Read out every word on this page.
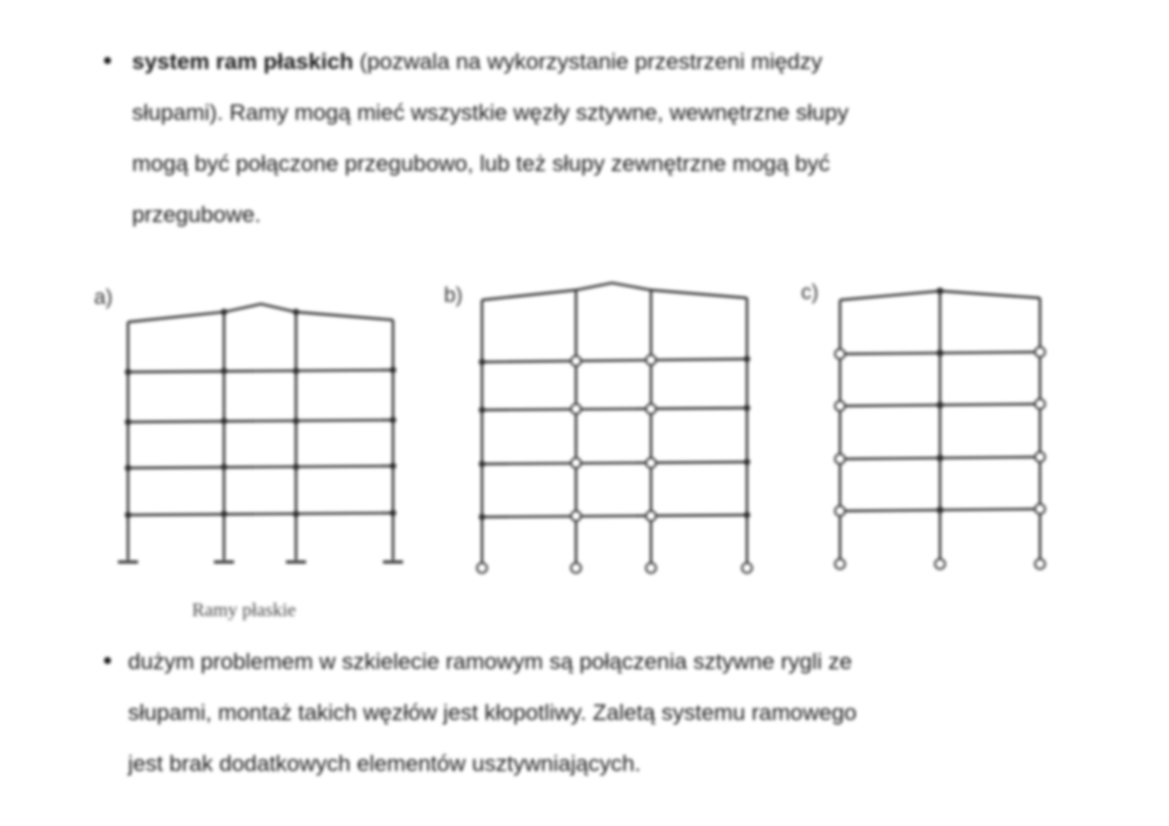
system ram płaskich (pozwala na wykorzystanie przestrzeni między
słupami). Ramy mogą mieć wszystkie węzły sztywne, wewnętrzne słupy
mogą być połączone przegubowo, lub też słupy zewnętrzne mogą być
przegubowe.
a)	b)	c)
Ramy płaskie
dużym problemem w szkielecie ramowym są połączenia sztywne rygli ze
słupami, montaż takich węzłów jest kłopotliwy. Zaletą systemu ramowego
jest brak dodatkowych elementów usztywniających.
